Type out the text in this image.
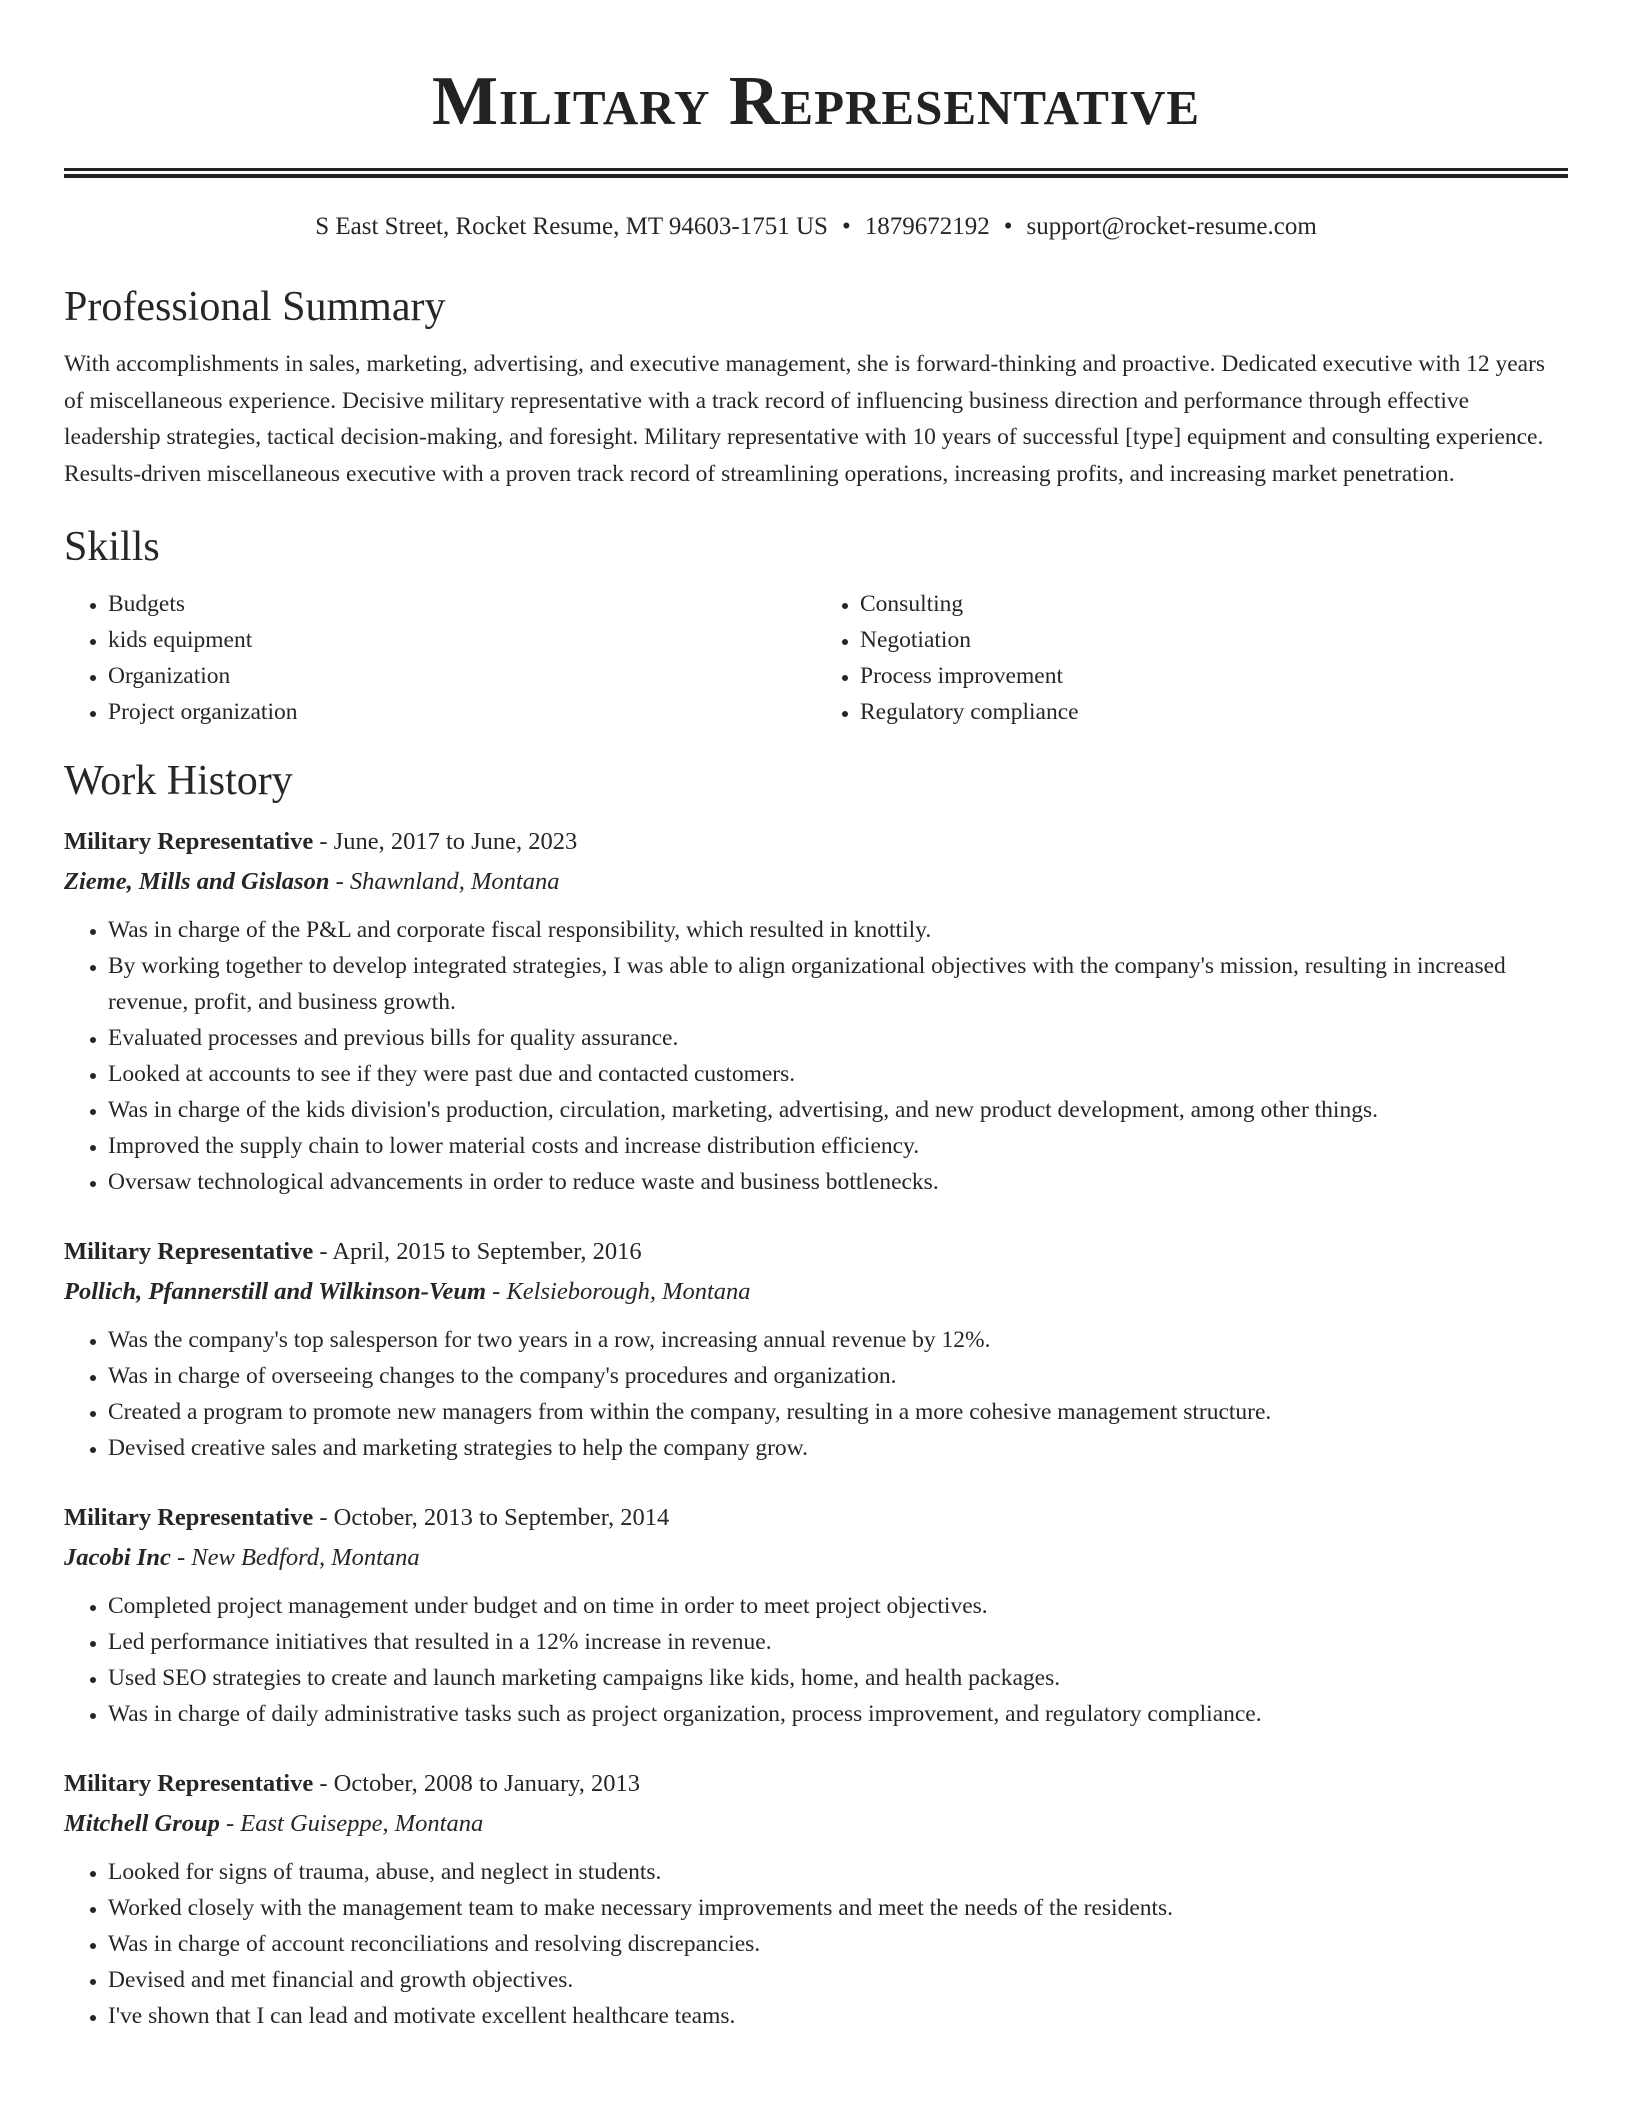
Military Representative
S East Street, Rocket Resume, MT 94603-1751 US • 1879672192 • support@rocket-resume.com
Professional Summary

With accomplishments in sales, marketing, advertising, and executive management, she is forward-thinking and proactive. Dedicated executive with 12 years of miscellaneous experience. Decisive military representative with a track record of influencing business direction and performance through effective leadership strategies, tactical decision-making, and foresight. Military representative with 10 years of successful [type] equipment and consulting experience. Results-driven miscellaneous executive with a proven track record of streamlining operations, increasing profits, and increasing market penetration.

Skills
• Budgets
• kids equipment
• Organization
• Project organization
• Consulting
• Negotiation
• Process improvement
• Regulatory compliance
Work History
Military Representative - June, 2017 to June, 2023
Zieme, Mills and Gislason - Shawnland, Montana
• Was in charge of the P&L and corporate fiscal responsibility, which resulted in knottily.
• By working together to develop integrated strategies, I was able to align organizational objectives with the company's mission, resulting in increased revenue, profit, and business growth.
• Evaluated processes and previous bills for quality assurance.
• Looked at accounts to see if they were past due and contacted customers.
• Was in charge of the kids division's production, circulation, marketing, advertising, and new product development, among other things.
• Improved the supply chain to lower material costs and increase distribution efficiency.
• Oversaw technological advancements in order to reduce waste and business bottlenecks.
Military Representative - April, 2015 to September, 2016
Pollich, Pfannerstill and Wilkinson-Veum - Kelsieborough, Montana
• Was the company's top salesperson for two years in a row, increasing annual revenue by 12%.
• Was in charge of overseeing changes to the company's procedures and organization.
• Created a program to promote new managers from within the company, resulting in a more cohesive management structure.
• Devised creative sales and marketing strategies to help the company grow.
Military Representative - October, 2013 to September, 2014
Jacobi Inc - New Bedford, Montana
• Completed project management under budget and on time in order to meet project objectives.
• Led performance initiatives that resulted in a 12% increase in revenue.
• Used SEO strategies to create and launch marketing campaigns like kids, home, and health packages.
• Was in charge of daily administrative tasks such as project organization, process improvement, and regulatory compliance.
Military Representative - October, 2008 to January, 2013
Mitchell Group - East Guiseppe, Montana
• Looked for signs of trauma, abuse, and neglect in students.
• Worked closely with the management team to make necessary improvements and meet the needs of the residents.
• Was in charge of account reconciliations and resolving discrepancies.
• Devised and met financial and growth objectives.
• I've shown that I can lead and motivate excellent healthcare teams.
